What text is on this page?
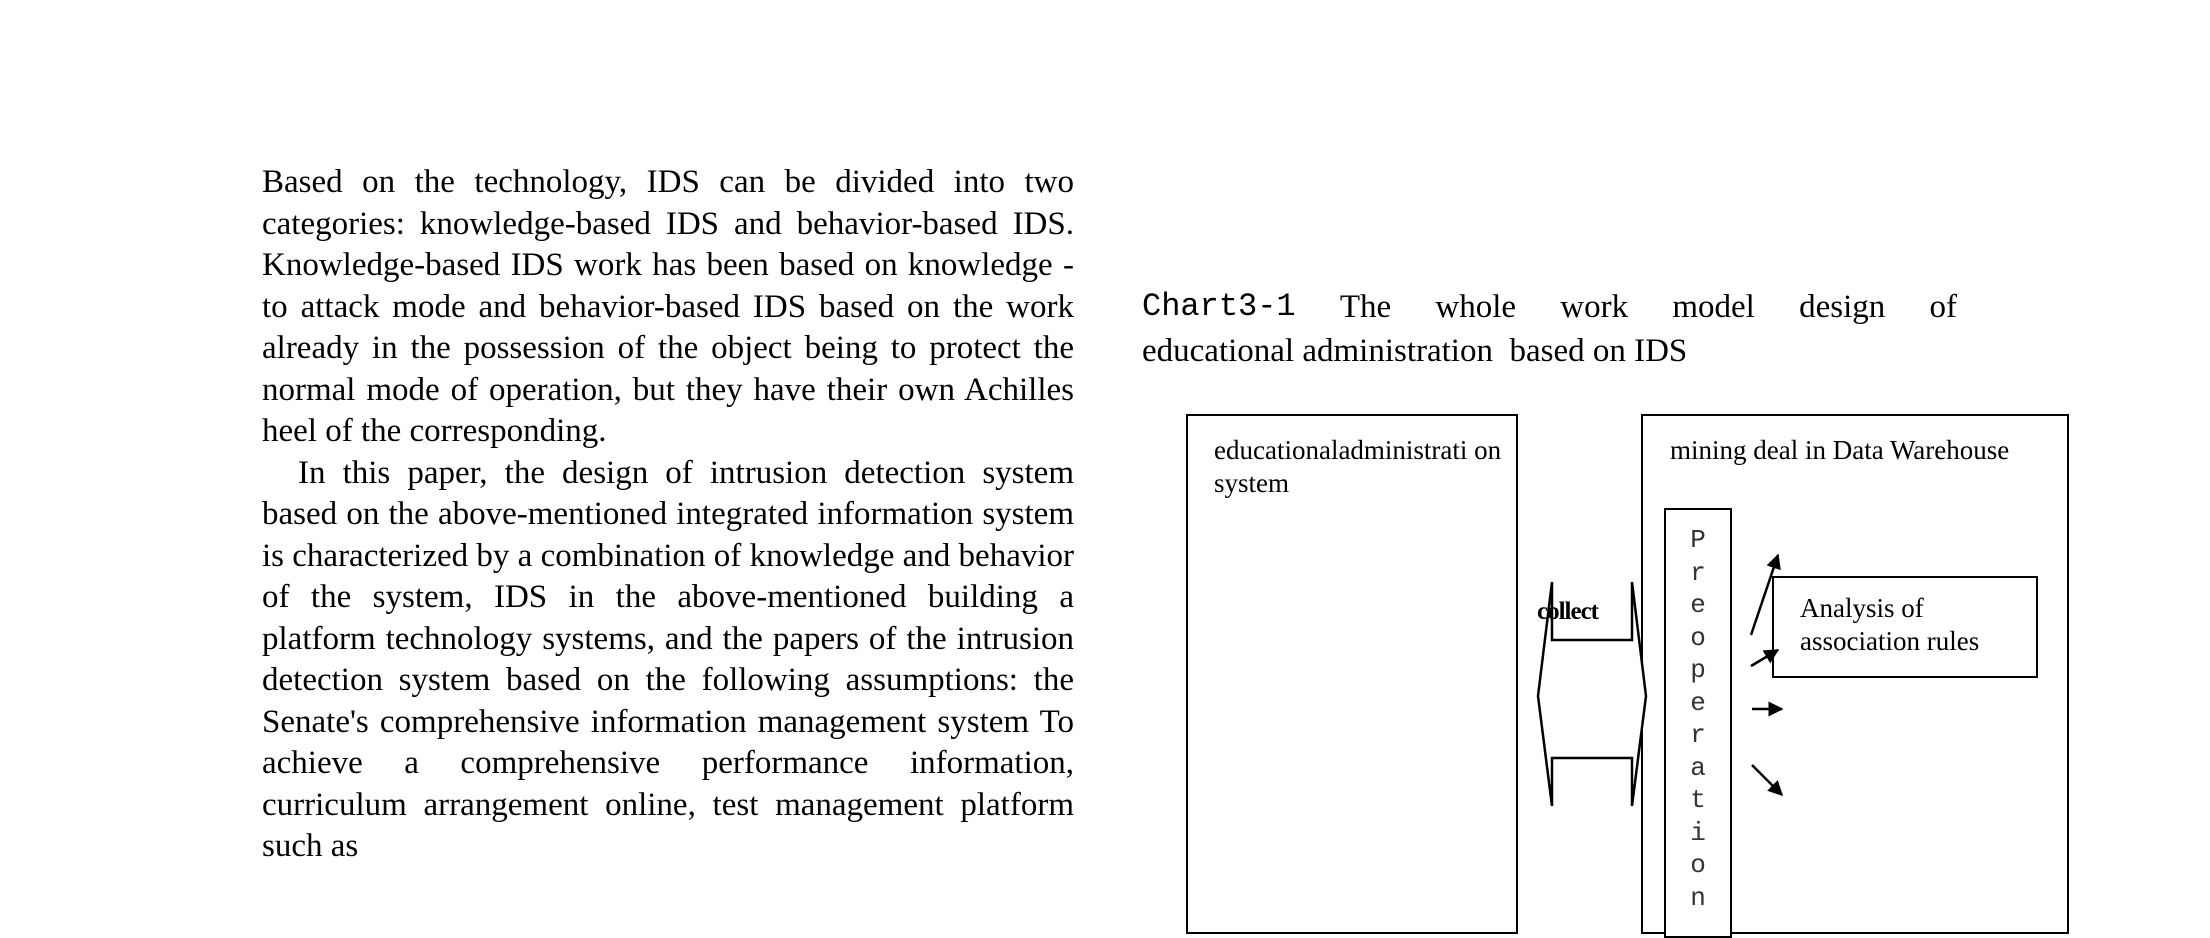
Based on the technology, IDS can be divided into two categories: knowledge-based IDS and behavior-based IDS. Knowledge-based IDS work has been based on knowledge - to attack mode and behavior-based IDS based on the work already in the possession of the object being to protect the normal mode of operation, but they have their own Achilles heel of the corresponding.

In this paper, the design of intrusion detection system based on the above-mentioned integrated information system is characterized by a combination of knowledge and behavior of the system, IDS in the above-mentioned building a platform technology systems, and the papers of the intrusion detection system based on the following assumptions: the Senate's comprehensive information management system To achieve a comprehensive performance information, curriculum arrangement online, test management platform such as

Chart3-1 The whole work model design of
educational administration  based on IDS
educationaladministrati on system
mining deal in Data Warehouse
collect	Analysis of association rules
P
r
e
o
p
e
r
a
t
i
o
n
